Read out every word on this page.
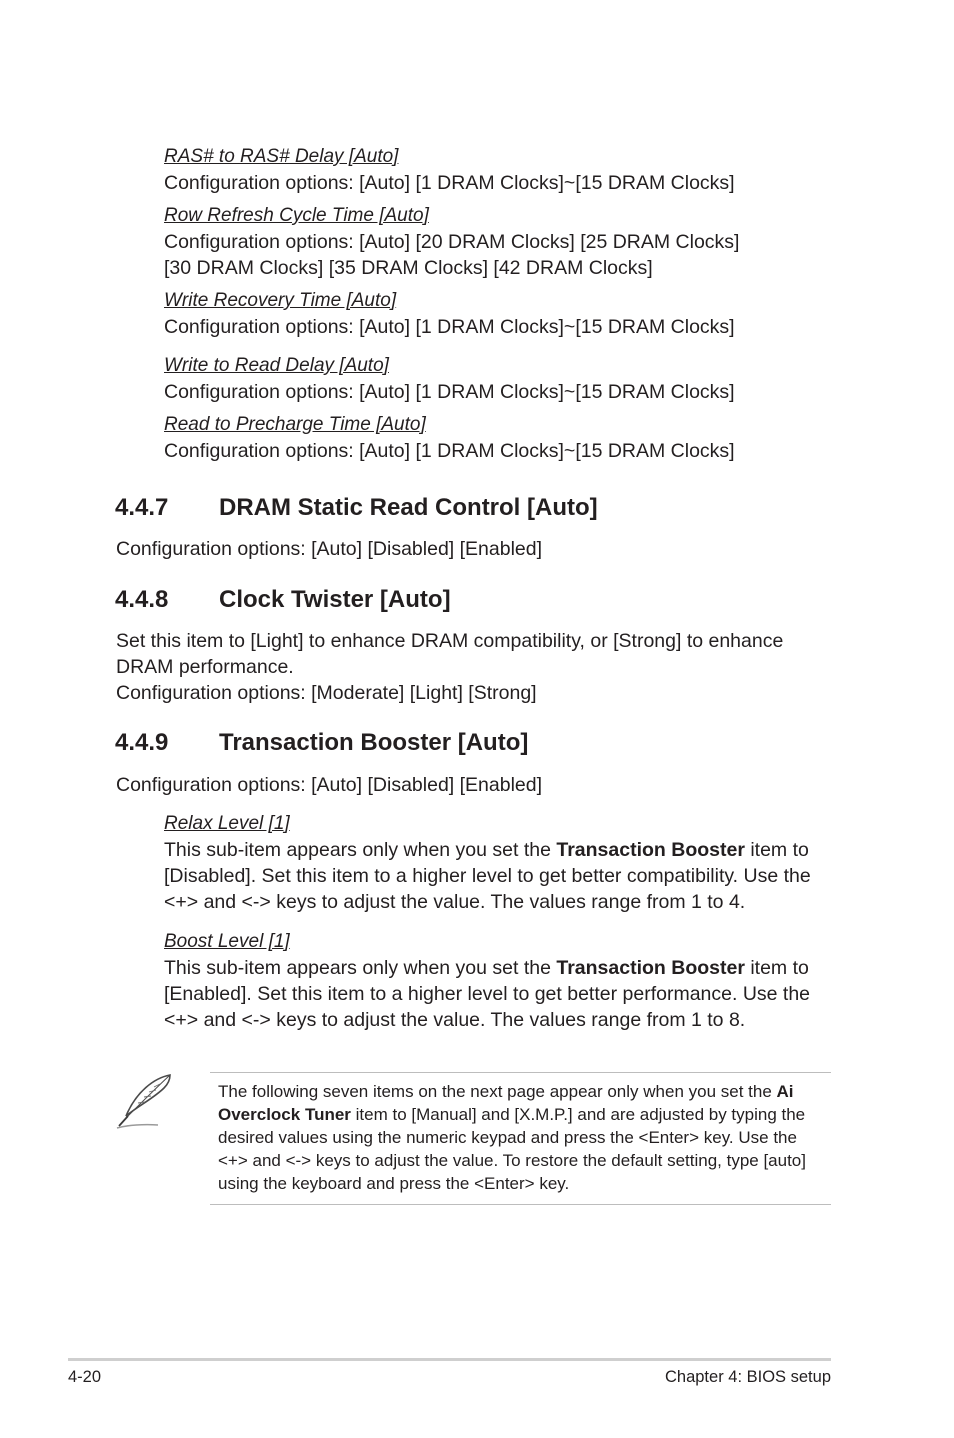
RAS# to RAS# Delay [Auto]
Configuration options: [Auto] [1 DRAM Clocks]~[15 DRAM Clocks]
Row Refresh Cycle Time [Auto]
Configuration options: [Auto] [20 DRAM Clocks] [25 DRAM Clocks]
[30 DRAM Clocks] [35 DRAM Clocks] [42 DRAM Clocks]
Write Recovery Time [Auto]
Configuration options: [Auto] [1 DRAM Clocks]~[15 DRAM Clocks]
Write to Read Delay [Auto]
Configuration options: [Auto] [1 DRAM Clocks]~[15 DRAM Clocks]
Read to Precharge Time [Auto]
Configuration options: [Auto] [1 DRAM Clocks]~[15 DRAM Clocks]
4.4.7 DRAM Static Read Control [Auto]
Configuration options: [Auto] [Disabled] [Enabled]
4.4.8 Clock Twister [Auto]
Set this item to [Light] to enhance DRAM compatibility, or [Strong] to enhance
DRAM performance.
Configuration options: [Moderate] [Light] [Strong]
4.4.9 Transaction Booster [Auto]
Configuration options: [Auto] [Disabled] [Enabled]
Relax Level [1]
This sub-item appears only when you set the Transaction Booster item to
[Disabled]. Set this item to a higher level to get better compatibility. Use the
<+> and <-> keys to adjust the value. The values range from 1 to 4.
Boost Level [1]
This sub-item appears only when you set the Transaction Booster item to
[Enabled]. Set this item to a higher level to get better performance. Use the
<+> and <-> keys to adjust the value. The values range from 1 to 8.
The following seven items on the next page appear only when you set the Ai Overclock Tuner item to [Manual] and [X.M.P.] and are adjusted by typing the desired values using the numeric keypad and press the <Enter> key. Use the <+> and <-> keys to adjust the value. To restore the default setting, type [auto] using the keyboard and press the <Enter> key.
4-20	Chapter 4: BIOS setup
